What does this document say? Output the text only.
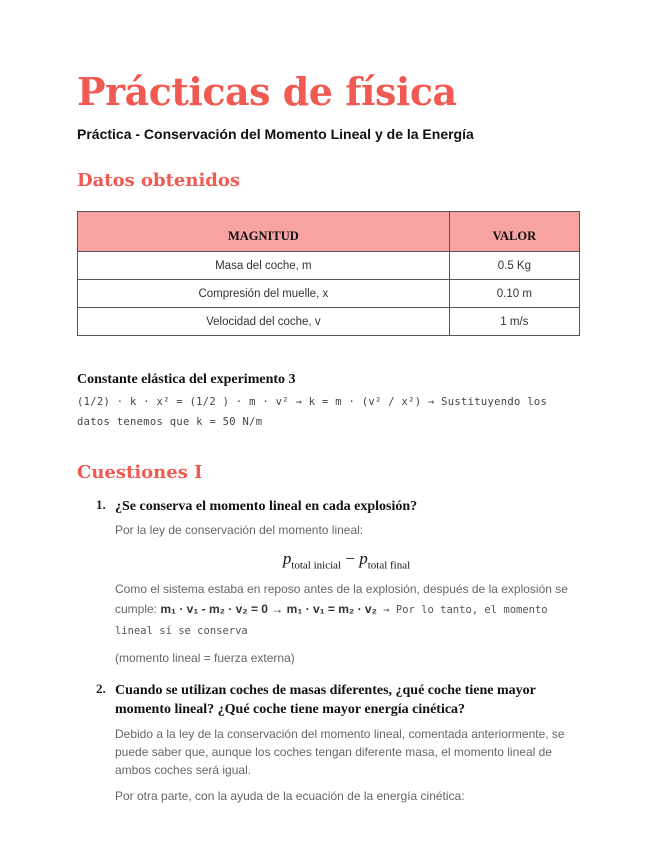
Prácticas de física
Práctica - Conservación del Momento Lineal y de la Energía
Datos obtenidos
MAGNITUD	VALOR
Masa del coche, m	0.5 Kg
Compresión del muelle, x	0.10 m
Velocidad del coche, v	1 m/s
Constante elástica del experimento 3
(1/2) · k · x² = (1/2 ) · m · v² → k = m · (v² / x²) → Sustituyendo los
datos tenemos que k = 50 N/m
Cuestiones I
1. ¿Se conserva el momento lineal en cada explosión?

Por la ley de conservación del momento lineal:

$p_{total inicial} - p_{total final}$

Como el sistema estaba en reposo antes de la explosión, después de la explosión se cumple: m₁ · v₁ - m₂ · v₂ = 0 → m₁ · v₁ = m₂ · v₂ → Por lo tanto, el momento lineal sí se conserva

(momento lineal = fuerza externa)

2. Cuando se utilizan coches de masas diferentes, ¿qué coche tiene mayor momento lineal? ¿Qué coche tiene mayor energía cinética?

Debido a la ley de la conservación del momento lineal, comentada anteriormente, se puede saber que, aunque los coches tengan diferente masa, el momento lineal de ambos coches será igual.

Por otra parte, con la ayuda de la ecuación de la energía cinética:
